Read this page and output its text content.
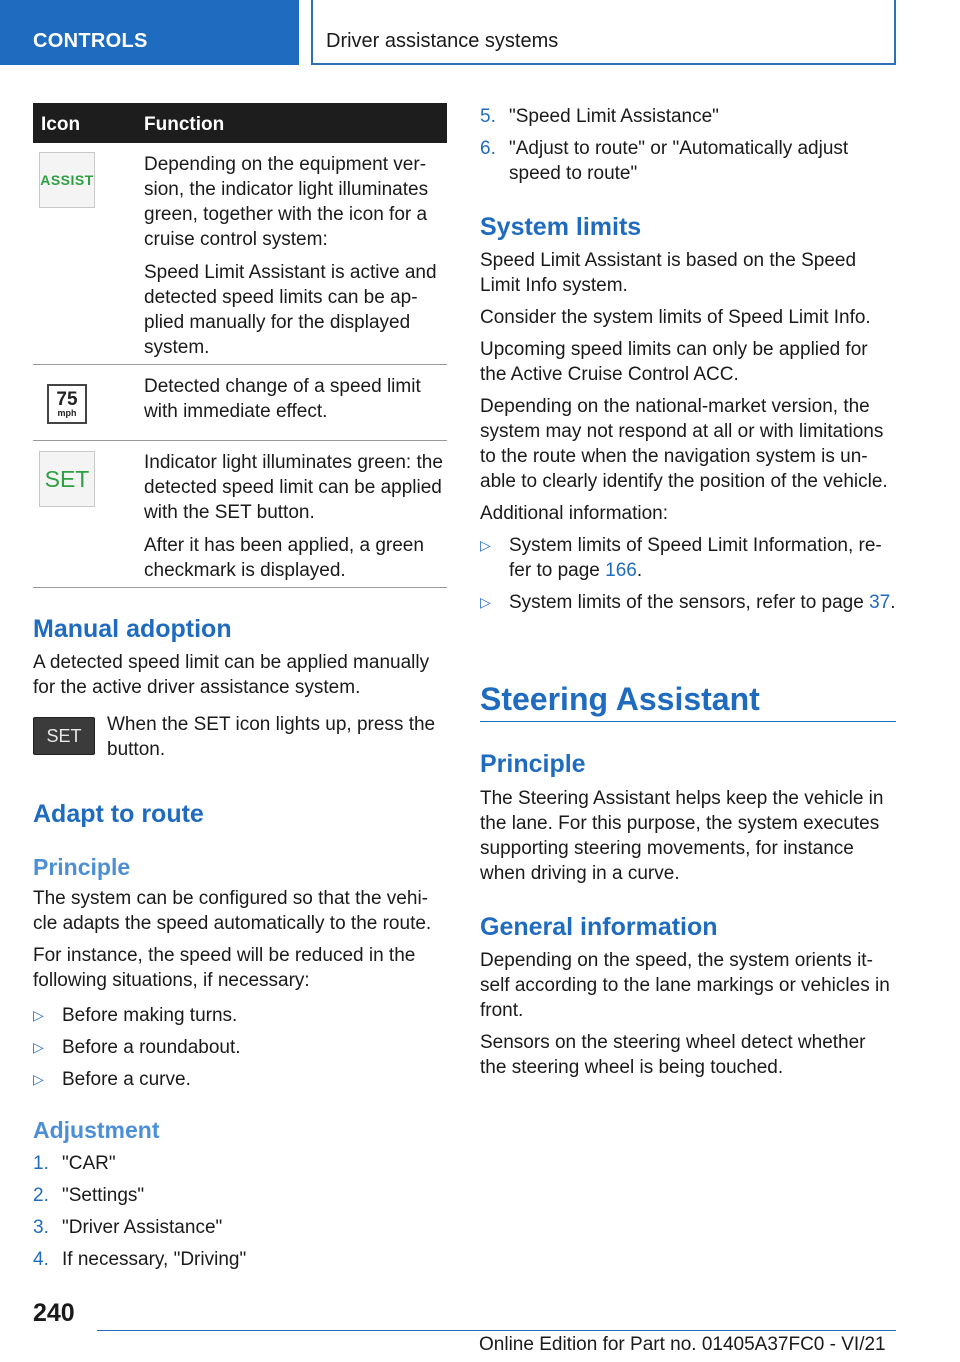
CONTROLS	Driver assistance systems
Icon	Function
ASSIST

Depending on the equipment ver-sion, the indicator light illuminates green, together with the icon for a cruise control system:

Speed Limit Assistant is active and detected speed limits can be ap-plied manually for the displayed system.

75
mph

Detected change of a speed limit with immediate effect.

SET

Indicator light illuminates green: the detected speed limit can be applied with the SET button.

After it has been applied, a green checkmark is displayed.

Manual adoption

A detected speed limit can be applied manually for the active driver assistance system.

SET

When the SET icon lights up, press the button.

Adapt to route
Principle

The system can be configured so that the vehi-cle adapts the speed automatically to the route.

For instance, the speed will be reduced in the following situations, if necessary:

▷ Before making turns.
▷ Before a roundabout.
▷ Before a curve.
Adjustment
1. "CAR"
2. "Settings"
3. "Driver Assistance"
4. If necessary, "Driving"
5. "Speed Limit Assistance"
6. "Adjust to route" or "Automatically adjust speed to route"
System limits

Speed Limit Assistant is based on the Speed Limit Info system.

Consider the system limits of Speed Limit Info.

Upcoming speed limits can only be applied for the Active Cruise Control ACC.

Depending on the national-market version, the system may not respond at all or with limitations to the route when the navigation system is un-able to clearly identify the position of the vehicle.

Additional information:

▷ System limits of Speed Limit Information, re-fer to page 166.
▷ System limits of the sensors, refer to page 37.
Steering Assistant
Principle

The Steering Assistant helps keep the vehicle in the lane. For this purpose, the system executes supporting steering movements, for instance when driving in a curve.

General information

Depending on the speed, the system orients it-self according to the lane markings or vehicles in front.

Sensors on the steering wheel detect whether the steering wheel is being touched.

240
Online Edition for Part no. 01405A37FC0 - VI/21
